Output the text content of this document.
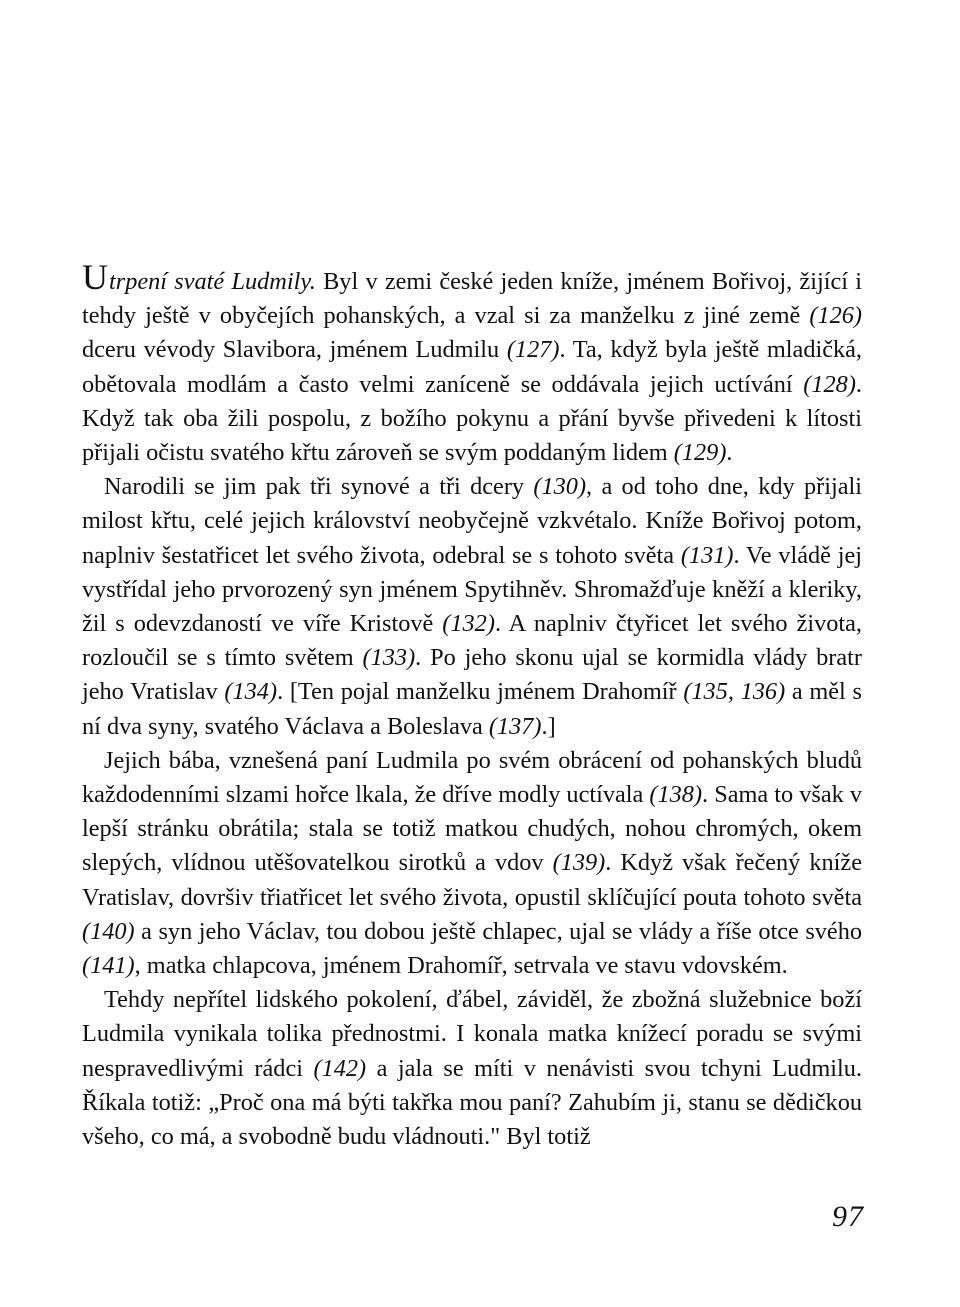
Utrpení svaté Ludmily. Byl v zemi české jeden kníže, jménem Bořivoj, žijící i tehdy ještě v obyčejích pohanských, a vzal si za manželku z jiné země (126) dceru vévody Slavibora, jménem Ludmilu (127). Ta, když byla ještě mladičká, obětovala modlám a často velmi zaníceně se oddávala jejich uctívání (128). Když tak oba žili pospolu, z božího pokynu a přání byvše přivedeni k lítosti přijali očistu svatého křtu zároveň se svým poddaným lidem (129).

Narodili se jim pak tři synové a tři dcery (130), a od toho dne, kdy přijali milost křtu, celé jejich království neobyčejně vzkvétalo. Kníže Bořivoj potom, naplniv šestatřicet let svého života, odebral se s tohoto světa (131). Ve vládě jej vystřídal jeho prvorozený syn jménem Spytihněv. Shromažďuje kněží a kleriky, žil s odevzdaností ve víře Kristově (132). A naplniv čtyřicet let svého života, rozloučil se s tímto světem (133). Po jeho skonu ujal se kormidla vlády bratr jeho Vratislav (134). [Ten pojal manželku jménem Drahomíř (135, 136) a měl s ní dva syny, svatého Václava a Boleslava (137).]

Jejich bába, vznešená paní Ludmila po svém obrácení od pohanských bludů každodenními slzami hořce lkala, že dříve modly uctívala (138). Sama to však v lepší stránku obrátila; stala se totiž matkou chudých, nohou chromých, okem slepých, vlídnou utěšovatelkou sirotků a vdov (139). Když však řečený kníže Vratislav, dovršiv třiatřicet let svého života, opustil sklíčující pouta tohoto světa (140) a syn jeho Václav, tou dobou ještě chlapec, ujal se vlády a říše otce svého (141), matka chlapcova, jménem Drahomíř, setrvala ve stavu vdovském.

Tehdy nepřítel lidského pokolení, ďábel, záviděl, že zbožná služebnice boží Ludmila vynikala tolika přednostmi. I konala matka knížecí poradu se svými nespravedlivými rádci (142) a jala se míti v nenávisti svou tchyni Ludmilu. Říkala totiž: „Proč ona má býti takřka mou paní? Zahubím ji, stanu se dědičkou všeho, co má, a svobodně budu vládnouti." Byl totiž

97
